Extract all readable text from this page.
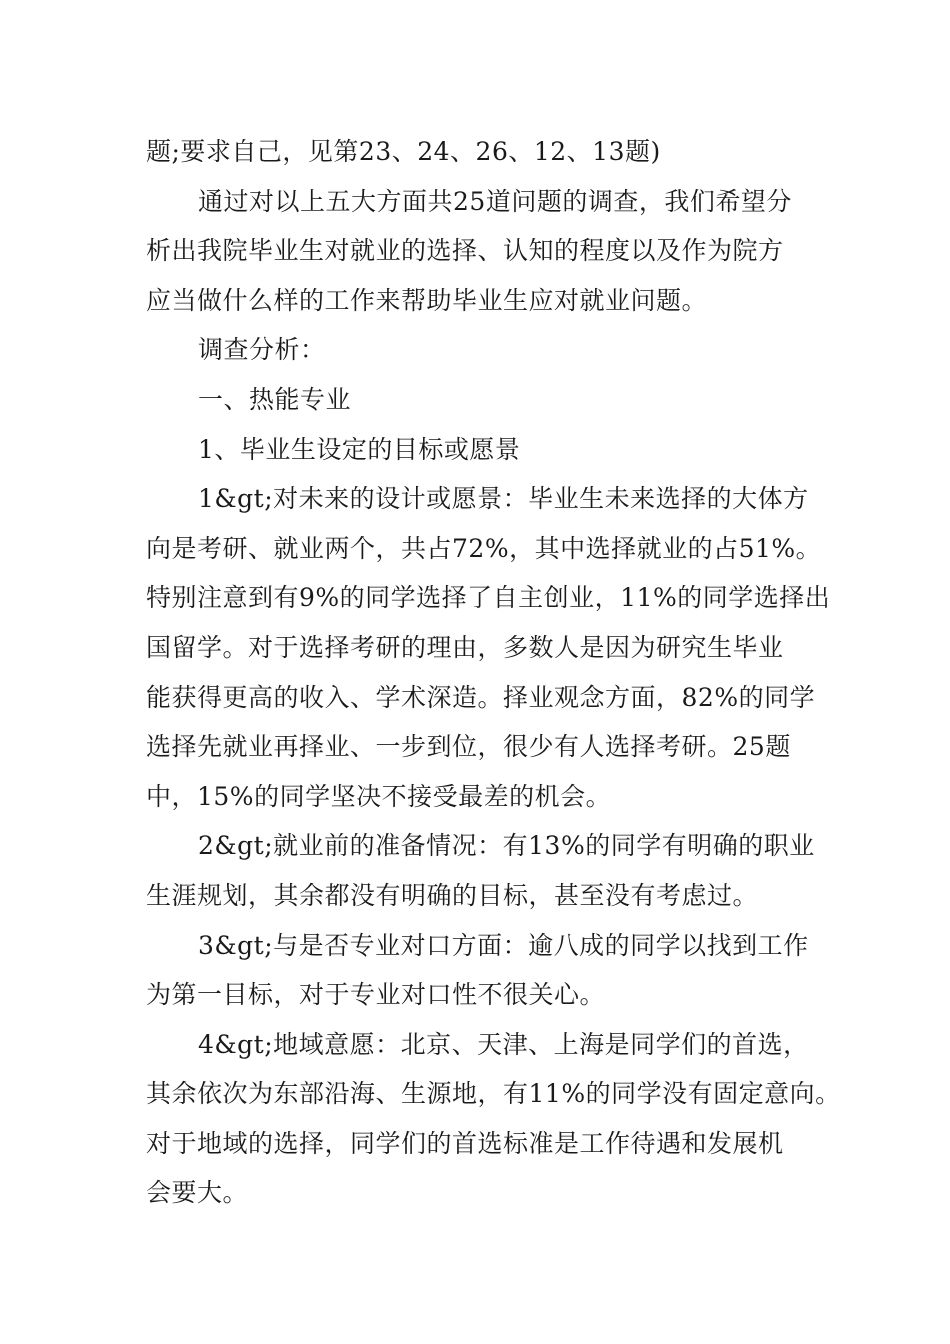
题;要求自己，见第23、24、26、12、13题)
通过对以上五大方面共25道问题的调查，我们希望分
析出我院毕业生对就业的选择、认知的程度以及作为院方
应当做什么样的工作来帮助毕业生应对就业问题。
调查分析：
一、热能专业
1、毕业生设定的目标或愿景
1&gt;对未来的设计或愿景：毕业生未来选择的大体方
向是考研、就业两个，共占72%，其中选择就业的占51%。
特别注意到有9%的同学选择了自主创业，11%的同学选择出
国留学。对于选择考研的理由，多数人是因为研究生毕业
能获得更高的收入、学术深造。择业观念方面，82%的同学
选择先就业再择业、一步到位，很少有人选择考研。25题
中，15%的同学坚决不接受最差的机会。
2&gt;就业前的准备情况：有13%的同学有明确的职业
生涯规划，其余都没有明确的目标，甚至没有考虑过。
3&gt;与是否专业对口方面：逾八成的同学以找到工作
为第一目标，对于专业对口性不很关心。
4&gt;地域意愿：北京、天津、上海是同学们的首选，
其余依次为东部沿海、生源地，有11%的同学没有固定意向。
对于地域的选择，同学们的首选标准是工作待遇和发展机
会要大。
